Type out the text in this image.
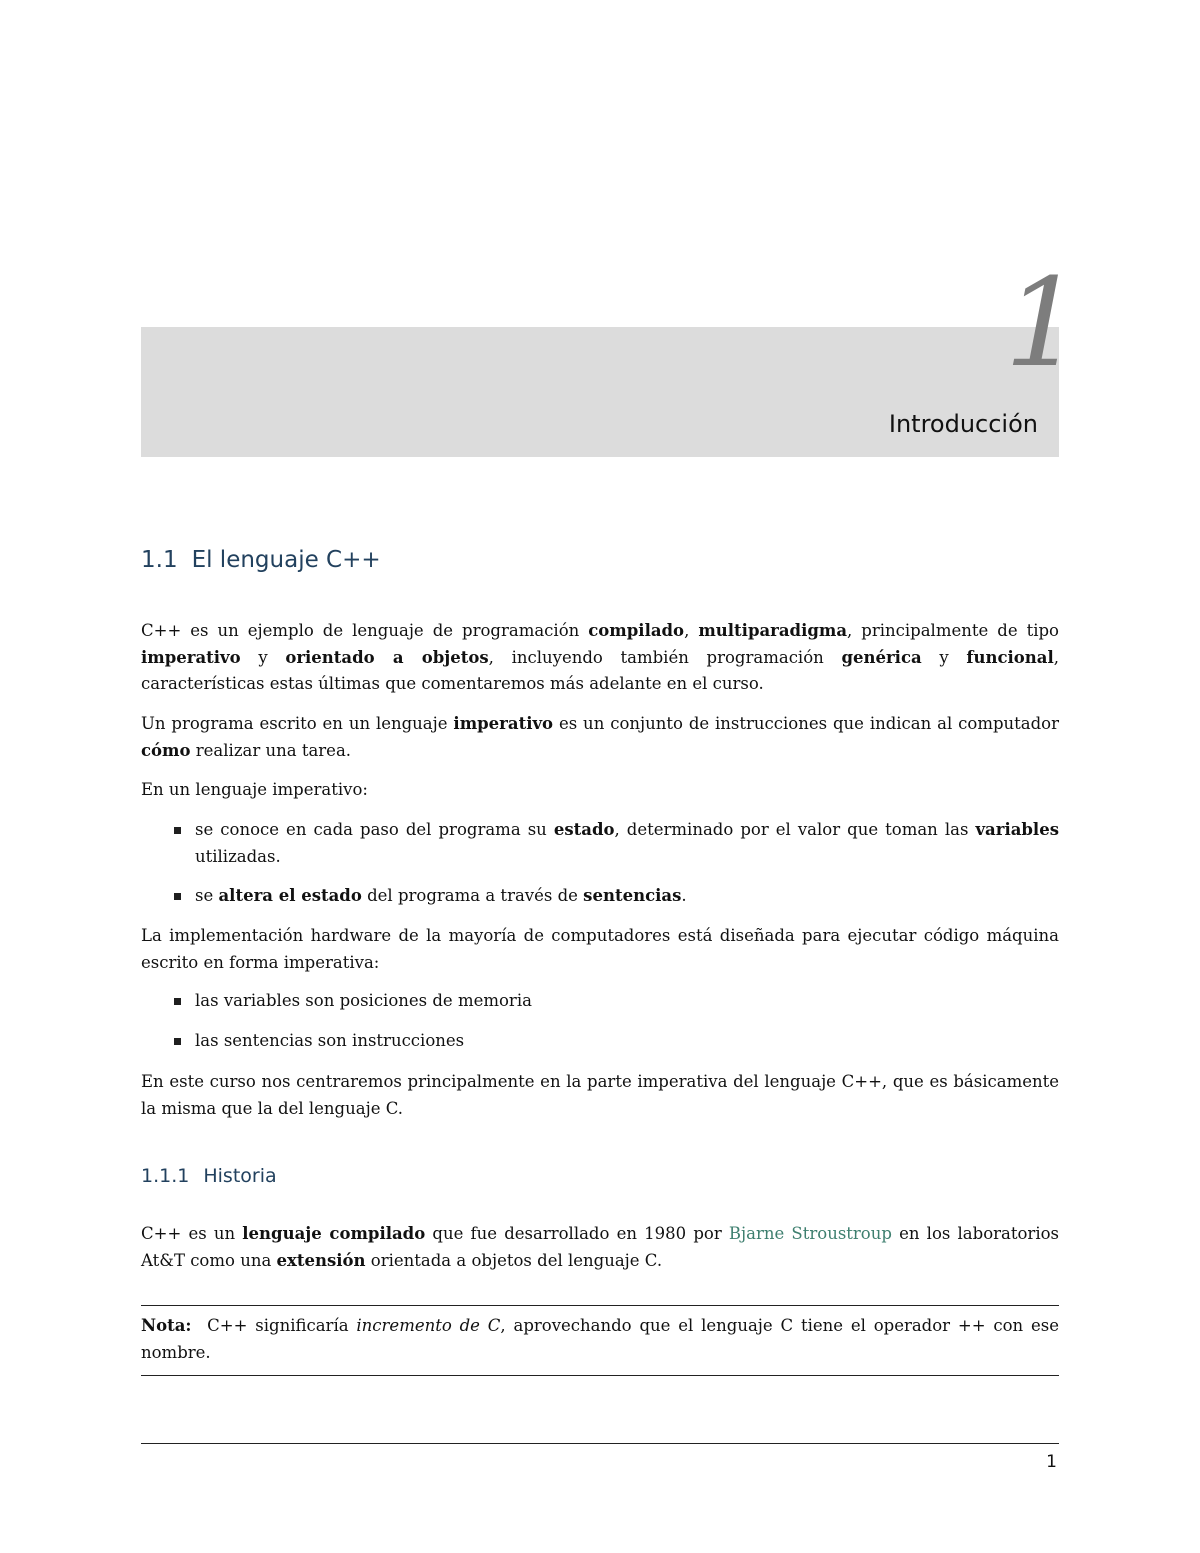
1
Introducción
1.1 El lenguaje C++

C++ es un ejemplo de lenguaje de programación compilado, multiparadigma, principalmente de tipo imperativo y orientado a objetos, incluyendo también programación genérica y funcional, características estas últimas que comentaremos más adelante en el curso.

Un programa escrito en un lenguaje imperativo es un conjunto de instrucciones que indican al computador cómo realizar una tarea.

En un lenguaje imperativo:

se conoce en cada paso del programa su estado, determinado por el valor que toman las variables utilizadas.

se altera el estado del programa a través de sentencias.

La implementación hardware de la mayoría de computadores está diseñada para ejecutar código máquina escrito en forma imperativa:

las variables son posiciones de memoria

las sentencias son instrucciones

En este curso nos centraremos principalmente en la parte imperativa del lenguaje C++, que es básicamente la misma que la del lenguaje C.

1.1.1 Historia

C++ es un lenguaje compilado que fue desarrollado en 1980 por Bjarne Stroustroup en los laboratorios At&T como una extensión orientada a objetos del lenguaje C.

Nota: C++ significaría incremento de C, aprovechando que el lenguaje C tiene el operador ++ con ese nombre.

1
